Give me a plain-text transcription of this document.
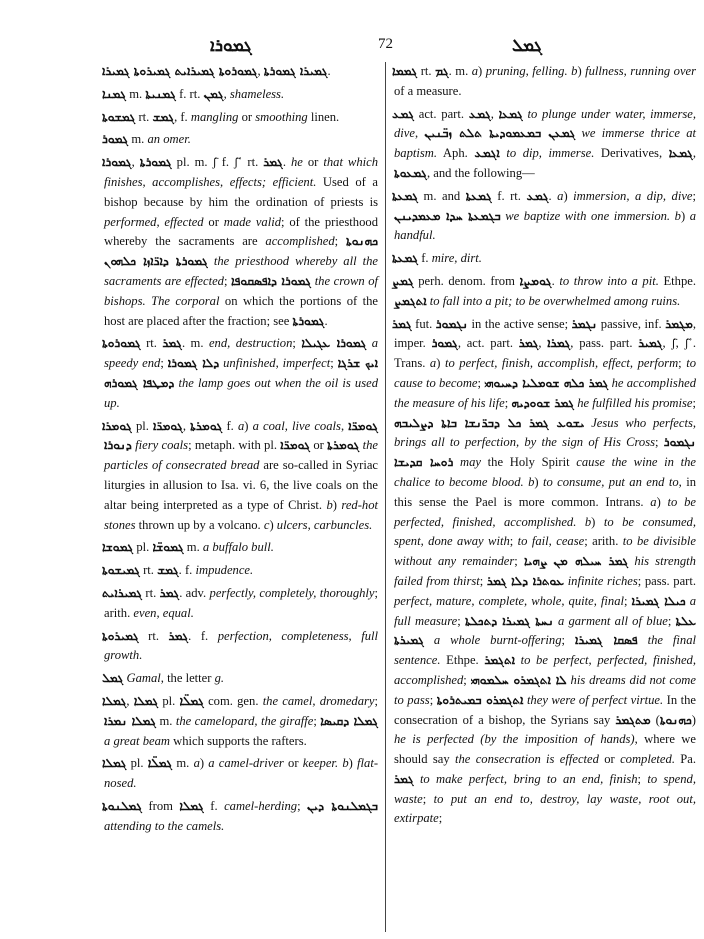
ܓܡܘܪܐ	72	ܓܡܠ

ܓܡܘܪܘܬܐ ܓܡܝܪܐܝܬ ܓܡܝܪܘܬܐ ܓܡܝܪܐ, ܓܡܝܪܐ ܓܡܘܪܬܐ.

ܓܡܢܐ m. ܓܡܢܝܬܐ f. rt. ܓܡܢ, shameless.

ܓܡܫܘܬܐ rt. ܓܡܫ, f. mangling or smoothing linen.

ܓܡܘܪ m. an omer.

ܓܡܘܪܐ, ܓܡܘܪܬܐ pl. m. ʃ̈ f. ʃ̈ʾ rt. ܓܡܪ. he or that which finishes, accomplishes, effects; efficient. Used of a bishop because by him the ordination of priests is performed, effected or made valid; of the priesthood whereby the sacraments are accomplished; ܟܗܢܘܬܐ ܓܡܘܪܬܐ ܕܐܪ̈ܐܙܐ ܟܠܗܘܢ the priesthood whereby all the sacraments are effected; ܓܡܘܪܐ ܕܐܦܣܩܘܦܐ the crown of bishops. The corporal on which the portions of the host are placed after the fraction; see ܓܡܘܪܬܐ.

ܓܡܘܪܘܬܐ rt. ܓܡܪ. m. end, destruction; ܓܡܘܪܐ ܥܓܝܠܐ a speedy end; ܕܠܐ ܓܡܘܪܐ unfinished, imperfect; ܐܝܟ ܫܪܓܐ ܕܡܛܦܐ ܓܡܘܪܗ the lamp goes out when the oil is used up.

ܓܘܡܪܐ pl. ܓܘܡܪ̈ܐ, ܓܘܡܪܬܐ f. a) a coal, live coals, ܓܘܡܪ̈ܐ ܕܢܘܪܐ fiery coals; metaph. with pl. ܓܘܡܪ̈ܐ or ܓܘܡܪܬܐ the particles of consecrated bread are so-called in Syriac liturgies in allusion to Isa. vi. 6, the live coals on the altar being interpreted as a type of Christ. b) red-hot stones thrown up by a volcano. c) ulcers, carbuncles.

ܓܡܘܫܐ pl. ܓܡܘܫ̈ܐ m. a buffalo bull.

ܓܡܝܫܘܬܐ rt. ܓܡܫ. f. impudence.

ܓܡܝܪܐܝܬ rt. ܓܡܪ. adv. perfectly, completely, thoroughly; arith. even, equal.

ܓܡܝܪܘܬܐ rt. ܓܡܪ. f. perfection, completeness, full growth.

ܓܡܠ Gamal, the letter g.

ܓܡܠܐ, ܓܡܠܐ pl. ܓܡܠ̈ܐ com. gen. the camel, dromedary; ܓܡܠܐ ܢܡܪܐ m. the camelopard, the giraffe; ܓܡܠܐ ܕܩܝܣܐ a great beam which supports the rafters.

ܓܡܠܐ pl. ܓܡܠ̈ܐ m. a) a camel-driver or keeper. b) flat-nosed.

ܓܡܠܢܘܬܐ from ܓܡܠܐ f. camel-herding; ܒܓܡܠܢܘܬܐ ܕܝܢ attending to the camels.

ܓܡܡܐ rt. ܓܡ. m. a) pruning, felling. b) fullness, running over of a measure.

ܓܡܥ act. part. ܓܡܥ, ܓܡܥܐ to plunge under water, immerse, dive, ܓܡܥܢ ܒܡܥܡܘܕܝܬܐ ܬܠܬ ܙܒ̈ܢܝܢ we immerse thrice at baptism. Aph. ܐܓܡܥ to dip, immerse. Derivatives, ܓܡܥܐ, ܓܡܥܘܬܐ, and the following—

ܓܡܥܬܐ m. and ܓܡܥܬܐ f. rt. ܓܡܥ. a) immersion, a dip, dive; ܒܓܡܥܬܐ ܚܕܐ ܡܥܡܕܝܢܢ we baptize with one immersion. b) a handful.

ܓܡܥܬܐ f. mire, dirt.

ܓܡܨ perh. denom. from ܓܘܡܨܐ. to throw into a pit. Ethpe. ܐܬܓܡܨ to fall into a pit; to be overwhelmed among ruins.

ܓܡܪ fut. ܢܓܡܘܪ in the active sense; ܢܓܡܪ passive, inf. ܡܓܡܪ, imper. ܓܡܘܪ, act. part. ܓܡܪ, ܓܡܪܐ, pass. part. ܓܡܝܪ, ʃ̈, ʃ̈ʾ. Trans. a) to perfect, finish, accomplish, effect, perform; to cause to become; ܓܡܪ ܟܠܗ ܫܘܡܠܝܐ ܕܚܝܘܗܝ he accomplished the measure of his life; ܓܡܪ ܫܘܘܕܝܗ he fulfilled his promise; ܝܫܘܥ ܓܡܪ ܟܠ ܕܒܪ̈ܢܫܐ ܒܐܬܐ ܕܨܠܝܒܗ Jesus who perfects, brings all to perfection, by the sign of His Cross; ܢܓܡܘܪ ܪܘܚܐ ܩܕܝܫܐ may the Holy Spirit cause the wine in the chalice to become blood. b) to consume, put an end to, in this sense the Pael is more common. Intrans. a) to be perfected, finished, accomplished. b) to be consumed, spent, done away with; to fail, cease; arith. to be divisible without any remainder; ܓܡܪ ܚܝܠܗ ܡܢ ܨܗܝܐ his strength failed from thirst; ܥܘܬܪܐ ܕܠܐ ܓܡܪ infinite riches; pass. part. perfect, mature, complete, whole, quite, final; ܟܝܠܐ ܓܡܝܪܐ a full measure; ܢܚܬܐ ܓܡܝܪܐ ܕܬܟܠܬܐ a garment all of blue; ܥܠܬܐ ܓܡܝܪܬܐ a whole burnt-offering; ܦܣܩܐ ܓܡܝܪܐ the final sentence. Ethpe. ܐܬܓܡܪ to be perfect, perfected, finished, accomplished; ܠܐ ܐܬܓܡܪܘ ܚܠܡܘܗܝ his dreams did not come to pass; ܐܬܓܡܪܘ ܒܡܝܬܪܘܬܐ they were of perfect virtue. In the consecration of a bishop, the Syrians say ܡܬܓܡܪ (ܟܗܢܘܬܐ) he is perfected (by the imposition of hands), where we should say the consecration is effected or completed. Pa. ܓܡܪ to make perfect, bring to an end, finish; to spend, waste; to put an end to, destroy, lay waste, root out, extirpate;
